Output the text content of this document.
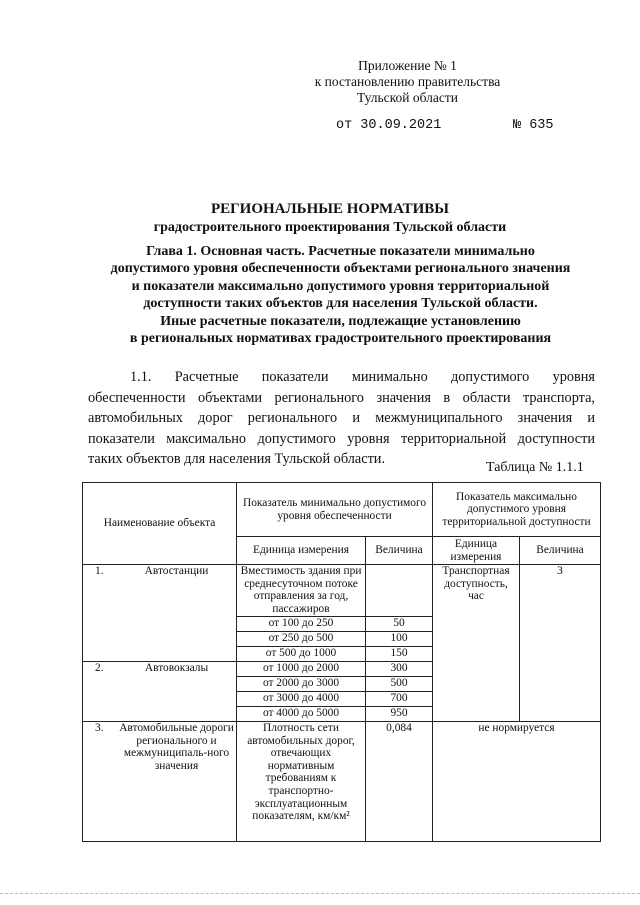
Приложение № 1
к постановлению правительства
Тульской области
от 30.09.2021	№ 635
РЕГИОНАЛЬНЫЕ НОРМАТИВЫ
градостроительного проектирования Тульской области
Глава 1. Основная часть. Расчетные показатели минимально
допустимого уровня обеспеченности объектами регионального значения
и показатели максимально допустимого уровня территориальной
доступности таких объектов для населения Тульской области.
Иные расчетные показатели, подлежащие установлению
в региональных нормативах градостроительного проектирования
1.1. Расчетные показатели минимально допустимого уровня
обеспеченности объектами регионального значения в области транспорта,
автомобильных дорог регионального и межмуниципального значения и
показатели максимально допустимого уровня территориальной доступности
таких объектов для населения Тульской области.
Таблица № 1.1.1
Наименование объекта	Показатель минимально допустимого уровня обеспеченности		Показатель максимально допустимого уровня территориальной доступности	
	Единица измерения	Величина	Единица измерения	Величина

1. Автостанции	Вместимость здания при среднесуточном потоке отправления за год, пассажиров		Транспортная доступность, час	3
	от 100 до 250	50		
	от 250 до 500	100		
	от 500 до 1000	150		

2. Автовокзалы	от 1000 до 2000	300		
	от 2000 до 3000	500		
	от 3000 до 4000	700		
	от 4000 до 5000	950		

3. Автомобильные дороги регионального и межмуниципаль-ного значения	Плотность сети автомобильных дорог, отвечающих нормативным требованиям к транспортно-эксплуатационным показателям, км/км²	0,084	не нормируется	
